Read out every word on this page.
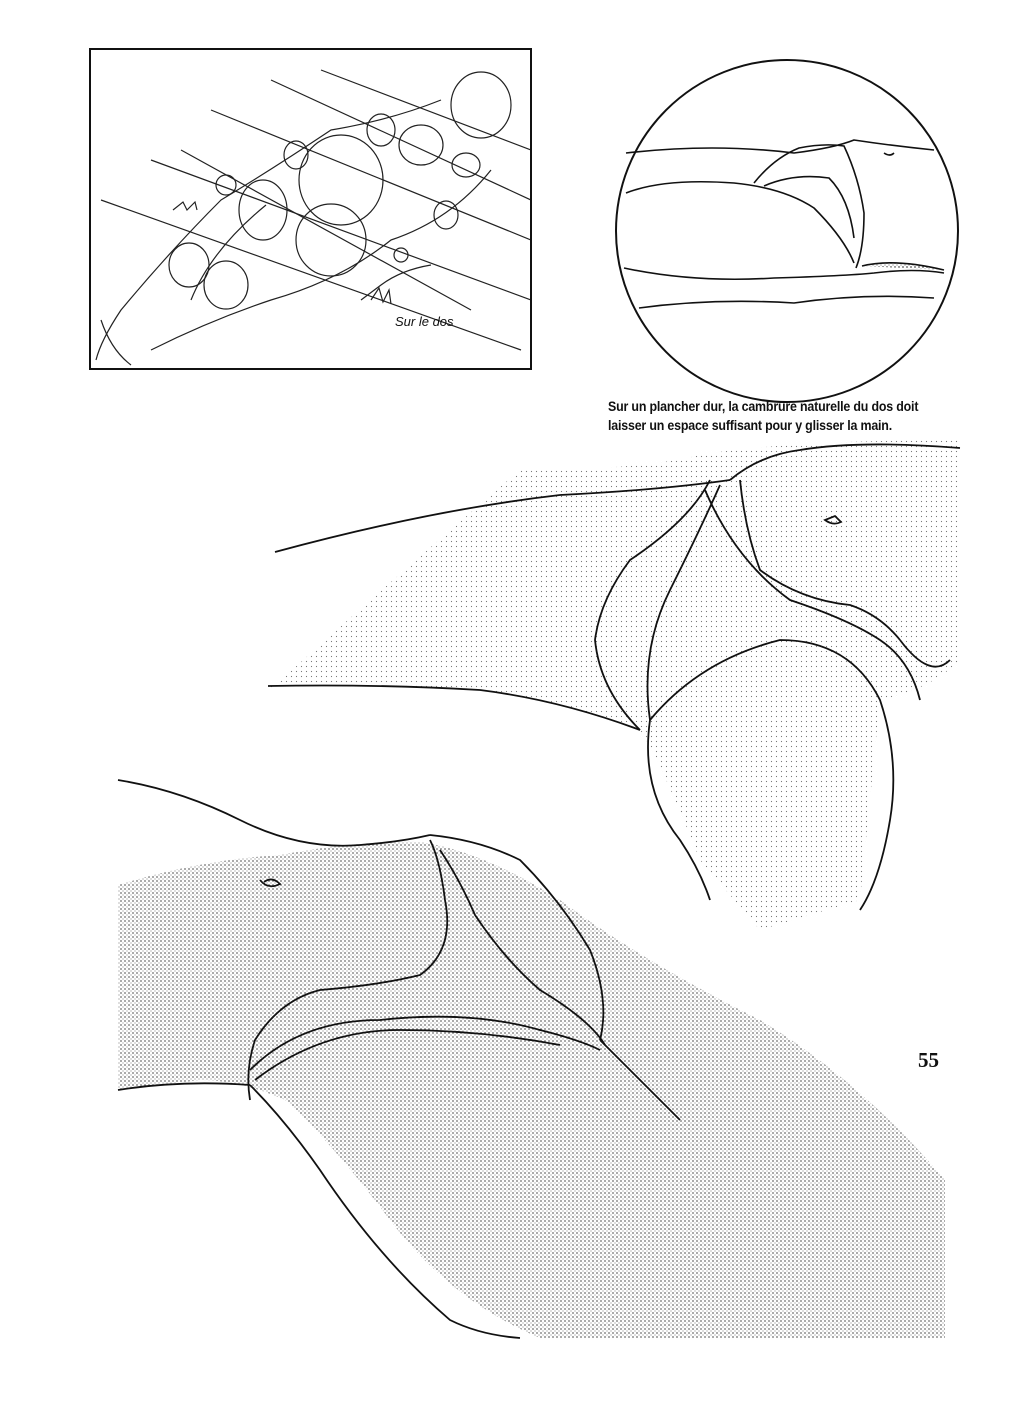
Sur le dos
Sur un plancher dur, la cambrure naturelle du dos doit
laisser un espace suffisant pour y glisser la main.
55
